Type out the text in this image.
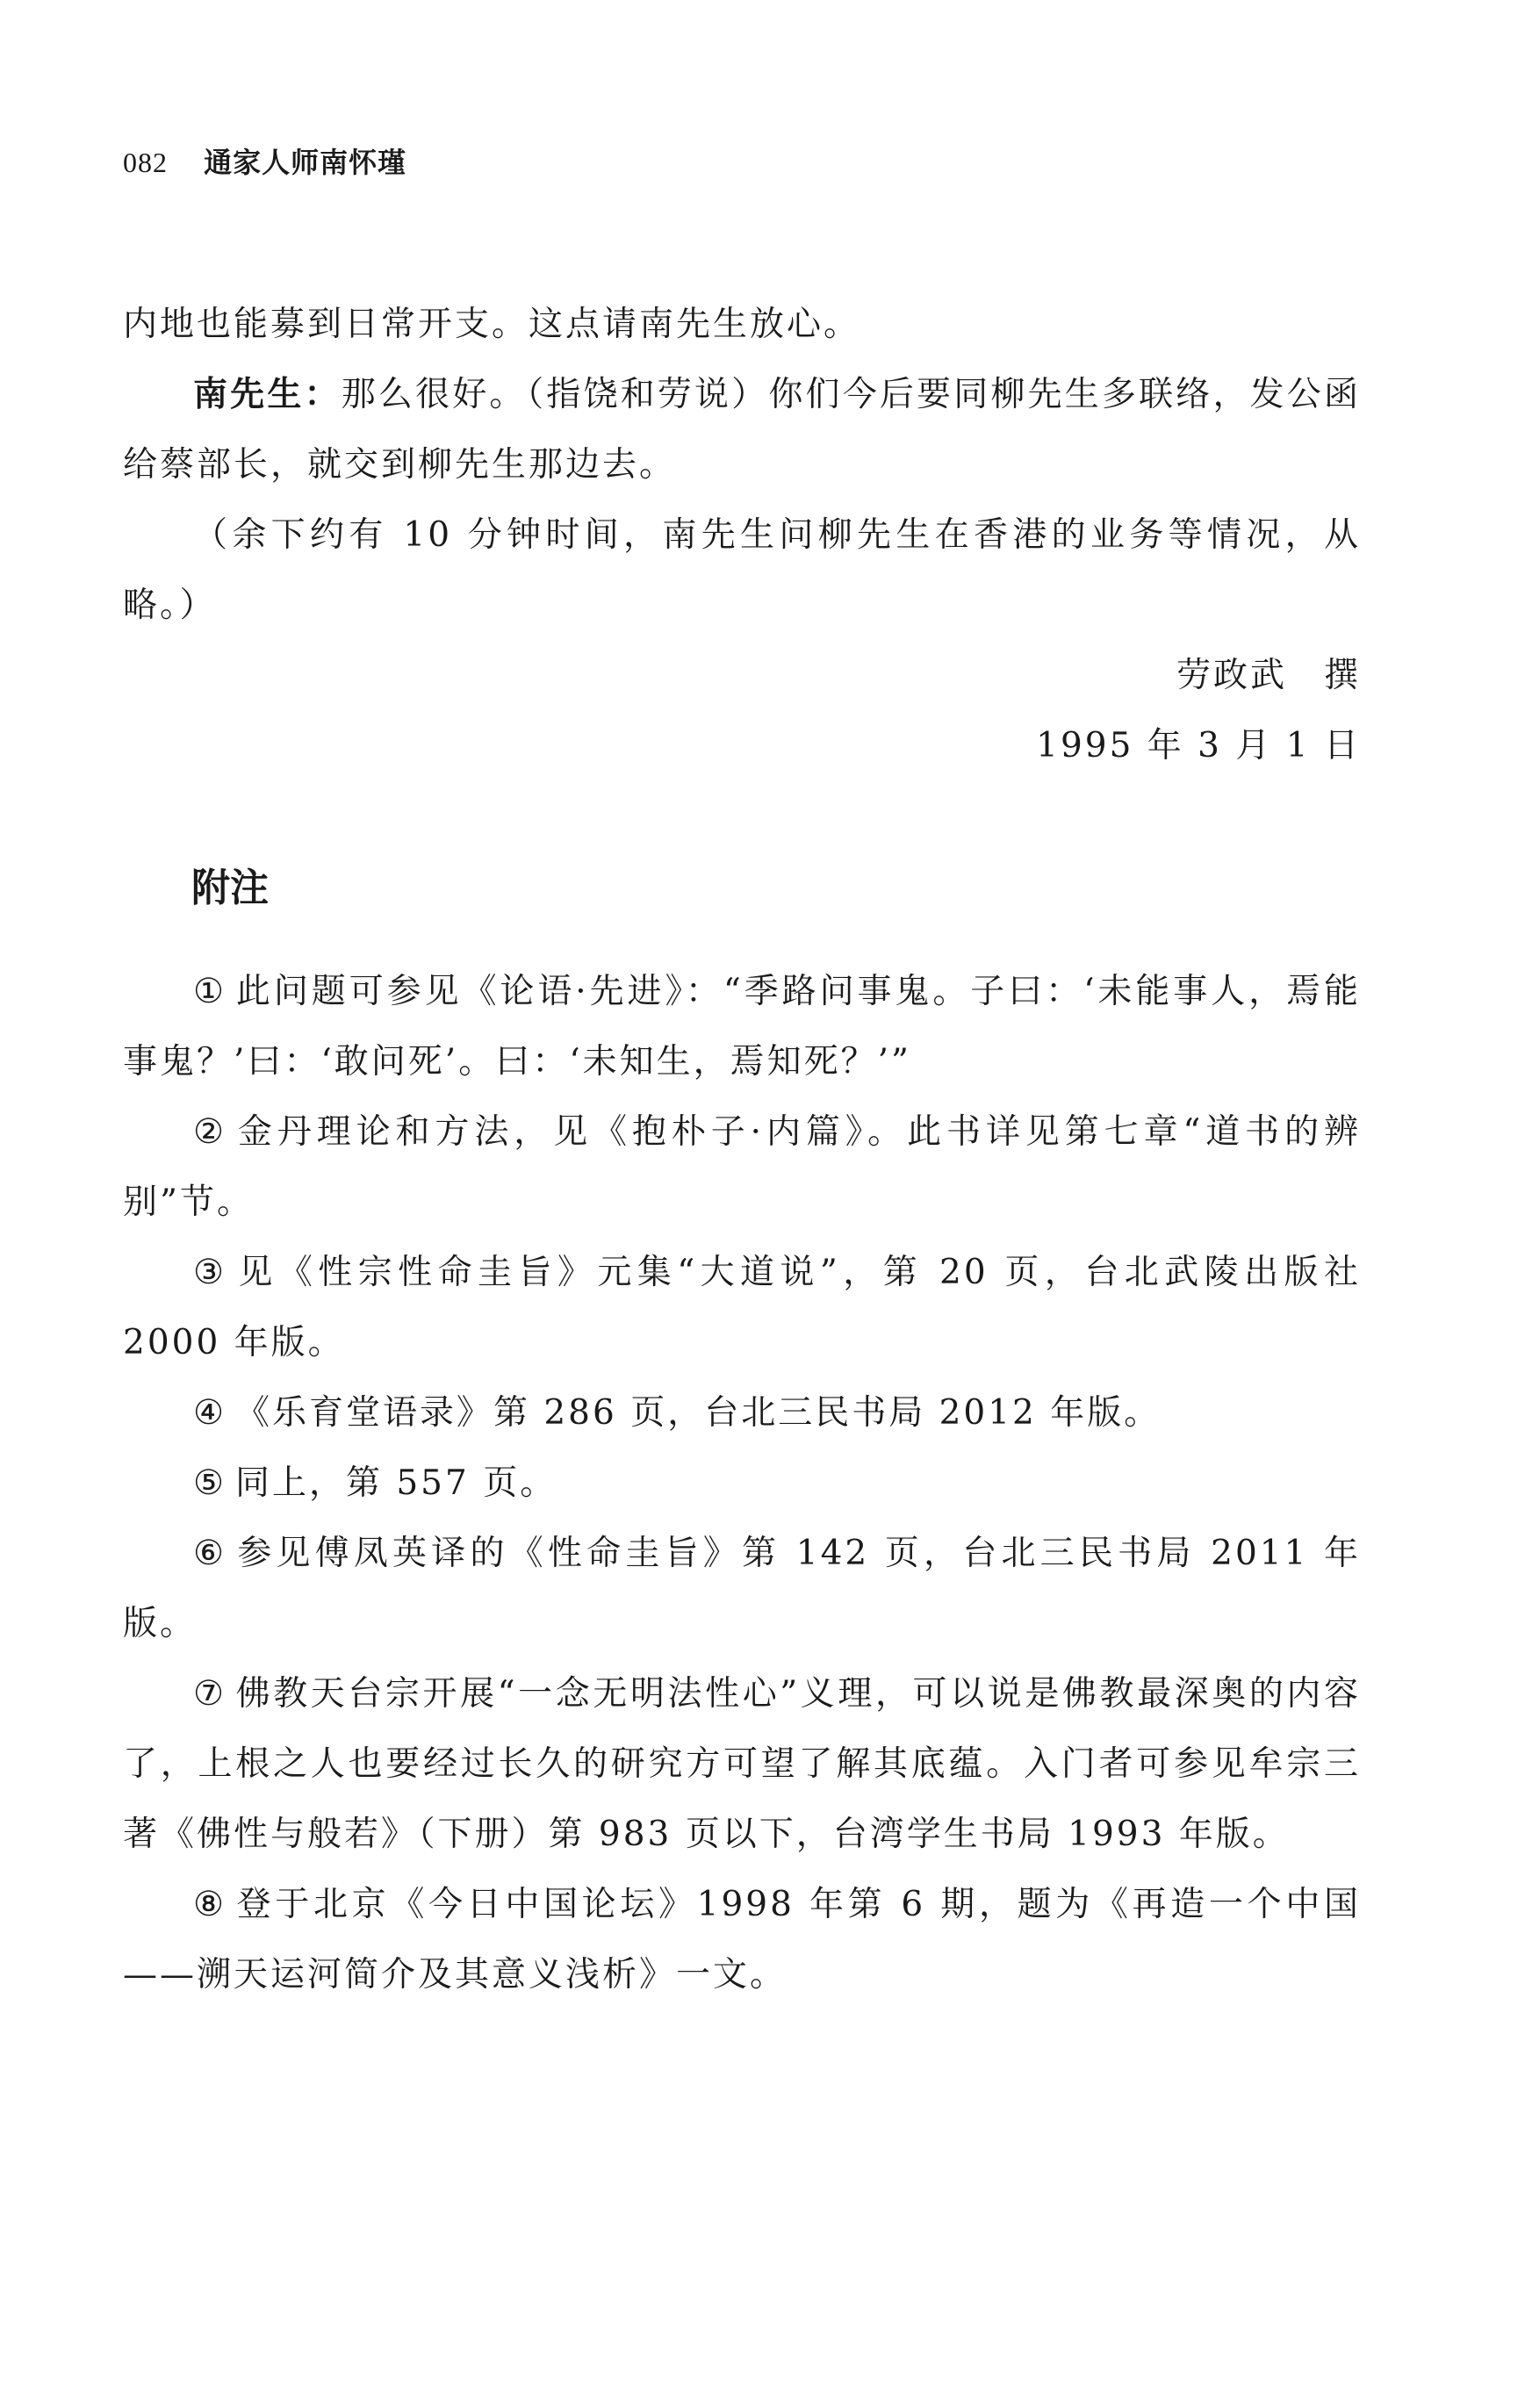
082 通家人师南怀瑾

内地也能募到日常开支。这点请南先生放心。

南先生：那么很好。（指饶和劳说）你们今后要同柳先生多联络，发公函给蔡部长，就交到柳先生那边去。

（余下约有 10 分钟时间，南先生问柳先生在香港的业务等情况，从略。）

劳政武　撰
1995 年 3 月 1 日
附注

① 此问题可参见《论语·先进》：“季路问事鬼。子曰：‘未能事人，焉能事鬼？’曰：‘敢问死’。曰：‘未知生，焉知死？’”

② 金丹理论和方法，见《抱朴子·内篇》。此书详见第七章“道书的辨别”节。

③ 见《性宗性命圭旨》元集“大道说”，第 20 页，台北武陵出版社 2000 年版。

④ 《乐育堂语录》第 286 页，台北三民书局 2012 年版。

⑤ 同上，第 557 页。

⑥ 参见傅凤英译的《性命圭旨》第 142 页，台北三民书局 2011 年版。

⑦ 佛教天台宗开展“一念无明法性心”义理，可以说是佛教最深奥的内容了，上根之人也要经过长久的研究方可望了解其底蕴。入门者可参见牟宗三著《佛性与般若》（下册）第 983 页以下，台湾学生书局 1993 年版。

⑧ 登于北京《今日中国论坛》1998 年第 6 期，题为《再造一个中国——溯天运河简介及其意义浅析》一文。
